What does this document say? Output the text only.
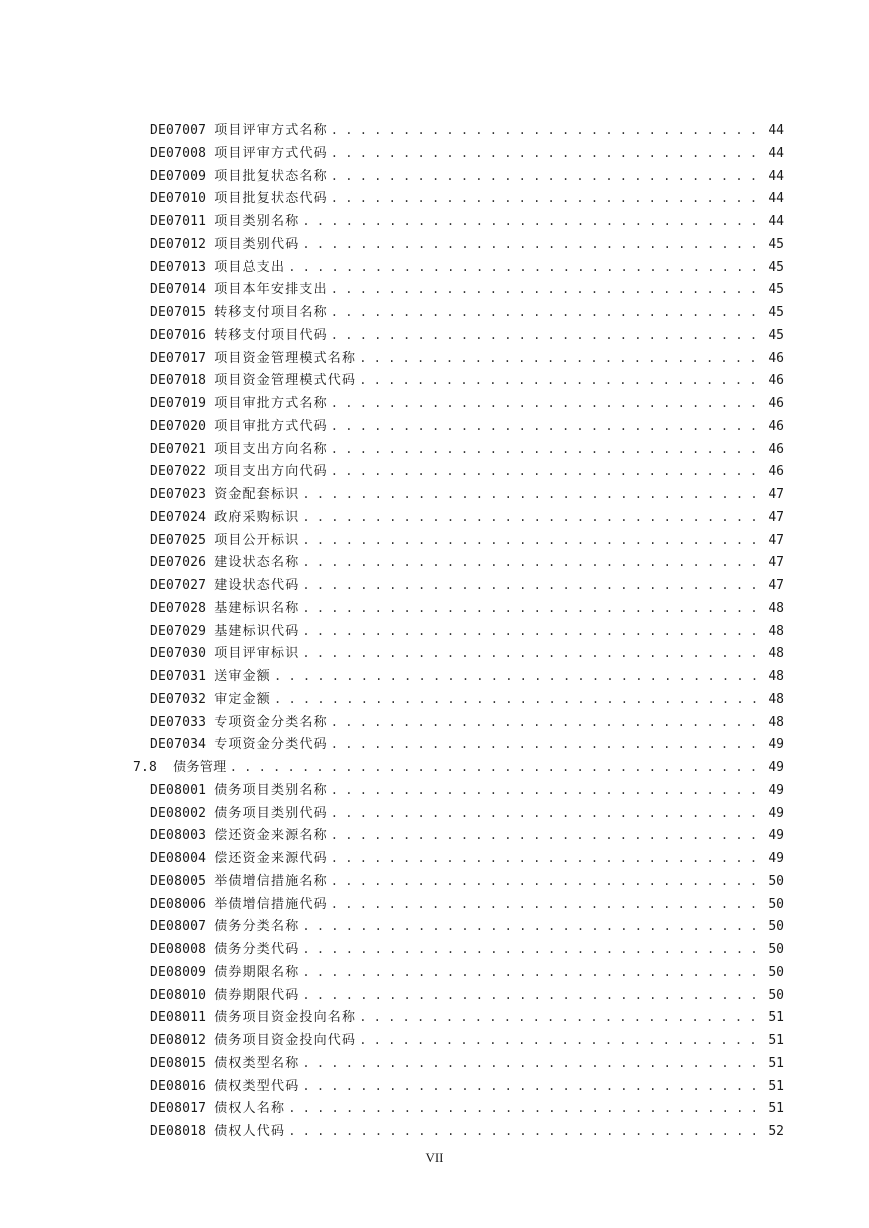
DE07007 项目评审方式名称 . . .	44
DE07008 项目评审方式代码 . . .	44
DE07009 项目批复状态名称 . . .	44
DE07010 项目批复状态代码 . . .	44
DE07011 项目类别名称 . . .	44
DE07012 项目类别代码 . . .	45
DE07013 项目总支出 . . .	45
DE07014 项目本年安排支出 . . .	45
DE07015 转移支付项目名称 . . .	45
DE07016 转移支付项目代码 . . .	45
DE07017 项目资金管理模式名称 . . .	46
DE07018 项目资金管理模式代码 . . .	46
DE07019 项目审批方式名称 . . .	46
DE07020 项目审批方式代码 . . .	46
DE07021 项目支出方向名称 . . .	46
DE07022 项目支出方向代码 . . .	46
DE07023 资金配套标识 . . .	47
DE07024 政府采购标识 . . .	47
DE07025 项目公开标识 . . .	47
DE07026 建设状态名称 . . .	47
DE07027 建设状态代码 . . .	47
DE07028 基建标识名称 . . .	48
DE07029 基建标识代码 . . .	48
DE07030 项目评审标识 . . .	48
DE07031 送审金额 . . .	48
DE07032 审定金额 . . .	48
DE07033 专项资金分类名称 . . .	48
DE07034 专项资金分类代码 . . .	49
7.8 债务管理 . . .	49
DE08001 债务项目类别名称 . . .	49
DE08002 债务项目类别代码 . . .	49
DE08003 偿还资金来源名称 . . .	49
DE08004 偿还资金来源代码 . . .	49
DE08005 举债增信措施名称 . . .	50
DE08006 举债增信措施代码 . . .	50
DE08007 债务分类名称 . . .	50
DE08008 债务分类代码 . . .	50
DE08009 债券期限名称 . . .	50
DE08010 债券期限代码 . . .	50
DE08011 债务项目资金投向名称 . . .	51
DE08012 债务项目资金投向代码 . . .	51
DE08015 债权类型名称 . . .	51
DE08016 债权类型代码 . . .	51
DE08017 债权人名称 . . .	51
DE08018 债权人代码 . . .	52
VII
